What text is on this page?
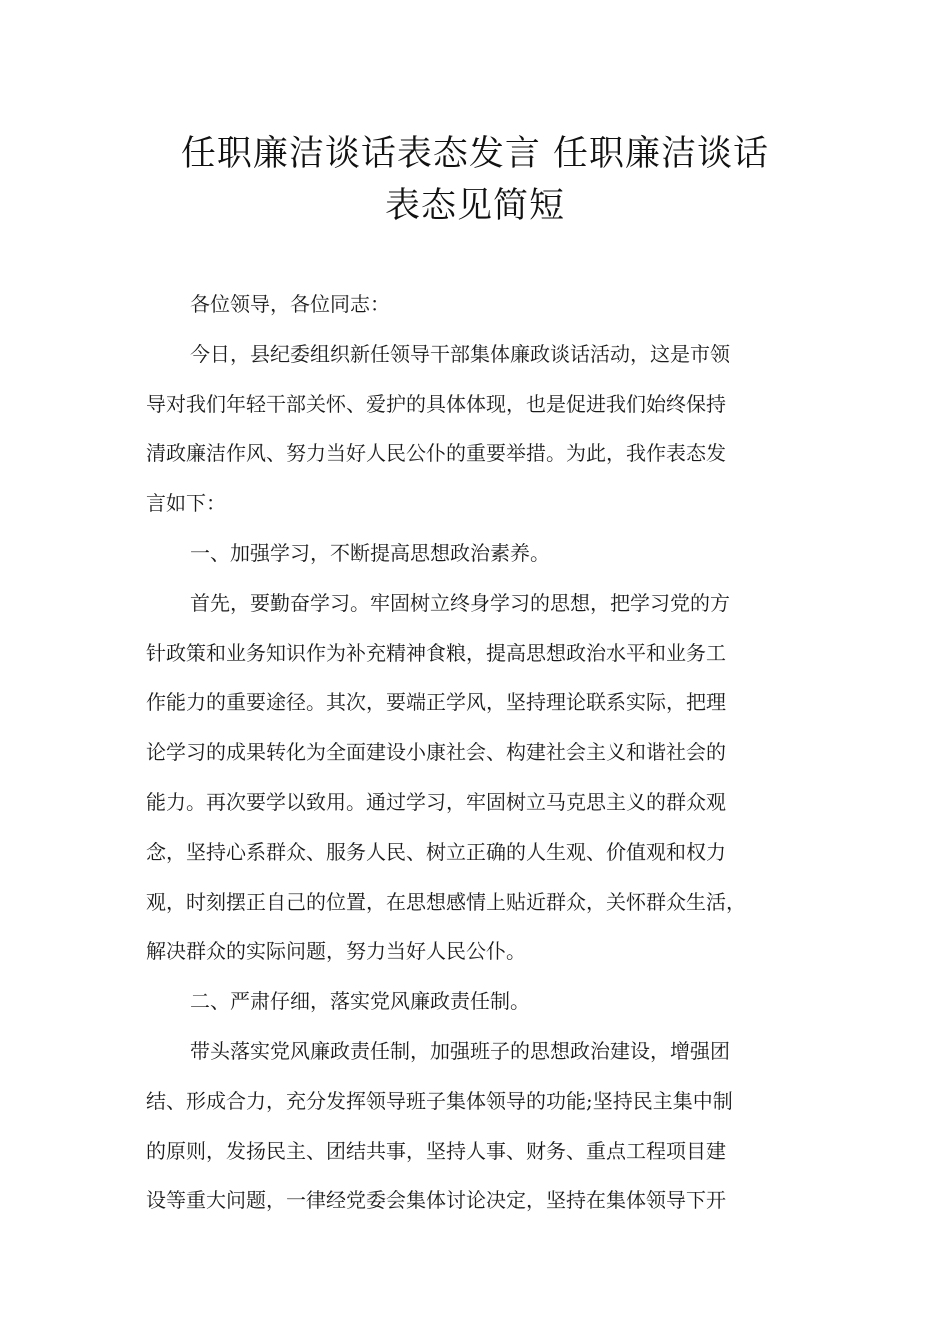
任职廉洁谈话表态发言 任职廉洁谈话
表态见简短
各位领导，各位同志：
今日，县纪委组织新任领导干部集体廉政谈话活动，这是市领
导对我们年轻干部关怀、爱护的具体体现，也是促进我们始终保持
清政廉洁作风、努力当好人民公仆的重要举措。为此，我作表态发
言如下：
一、加强学习，不断提高思想政治素养。
首先，要勤奋学习。牢固树立终身学习的思想，把学习党的方
针政策和业务知识作为补充精神食粮，提高思想政治水平和业务工
作能力的重要途径。其次，要端正学风，坚持理论联系实际，把理
论学习的成果转化为全面建设小康社会、构建社会主义和谐社会的
能力。再次要学以致用。通过学习，牢固树立马克思主义的群众观
念，坚持心系群众、服务人民、树立正确的人生观、价值观和权力
观，时刻摆正自己的位置，在思想感情上贴近群众，关怀群众生活，
解决群众的实际问题，努力当好人民公仆。
二、严肃仔细，落实党风廉政责任制。
带头落实党风廉政责任制，加强班子的思想政治建设，增强团
结、形成合力，充分发挥领导班子集体领导的功能;坚持民主集中制
的原则，发扬民主、团结共事，坚持人事、财务、重点工程项目建
设等重大问题，一律经党委会集体讨论决定，坚持在集体领导下开
